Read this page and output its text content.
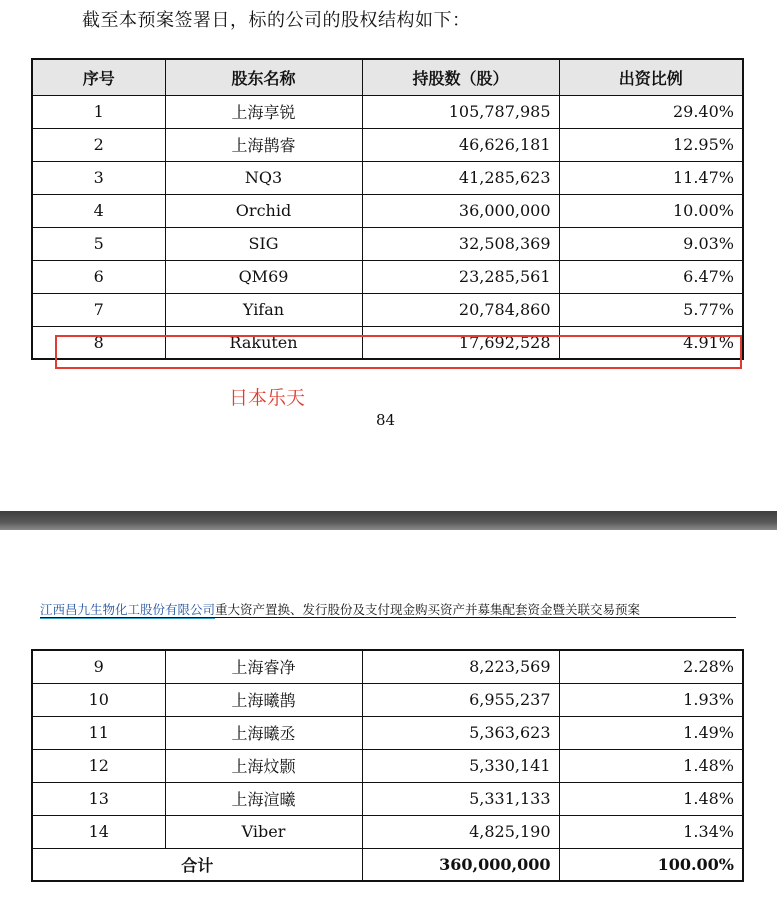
截至本预案签署日，标的公司的股权结构如下：
序号	股东名称	持股数（股）	出资比例
1	上海享锐	105,787,985	29.40%
2	上海鹊睿	46,626,181	12.95%
3	NQ3	41,285,623	11.47%
4	Orchid	36,000,000	10.00%
5	SIG	32,508,369	9.03%
6	QM69	23,285,561	6.47%
7	Yifan	20,784,860	5.77%
8	Rakuten	17,692,528	4.91%
日本乐天
84
江西昌九生物化工股份有限公司重大资产置换、发行股份及支付现金购买资产并募集配套资金暨关联交易预案
9	上海睿净	8,223,569	2.28%
10	上海曦鹊	6,955,237	1.93%
11	上海曦丞	5,363,623	1.49%
12	上海炆颢	5,330,141	1.48%
13	上海渲曦	5,331,133	1.48%
14	Viber	4,825,190	1.34%
合计		360,000,000	100.00%
